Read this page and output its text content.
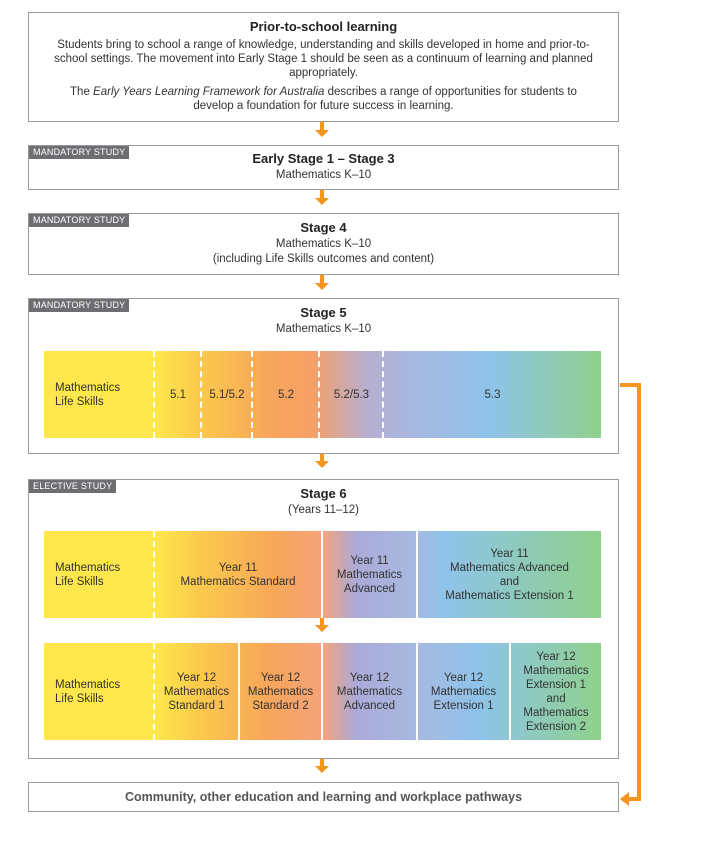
Prior-to-school learning
Students bring to school a range of knowledge, understanding and skills developed in home and prior-to-school settings. The movement into Early Stage 1 should be seen as a continuum of learning and planned appropriately.
The Early Years Learning Framework for Australia describes a range of opportunities for students to develop a foundation for future success in learning.
MANDATORY STUDY	Early Stage 1 – Stage 3
Mathematics K–10
MANDATORY STUDY	Stage 4
Mathematics K–10
(including Life Skills outcomes and content)
MANDATORY STUDY	Stage 5
Mathematics K–10
Mathematics
Life Skills
5.1	5.1/5.2	5.2	5.2/5.3	5.3
ELECTIVE STUDY	Stage 6
(Years 11–12)
Mathematics
Life Skills
Year 11
Mathematics Standard
Year 11
Mathematics
Advanced
Year 11
Mathematics Advanced
and
Mathematics Extension 1
Mathematics
Life Skills
Year 12
Mathematics
Standard 1
Year 12
Mathematics
Standard 2
Year 12
Mathematics
Advanced
Year 12
Mathematics
Extension 1
Year 12
Mathematics
Extension 1
and
Mathematics
Extension 2
Community, other education and learning and workplace pathways
